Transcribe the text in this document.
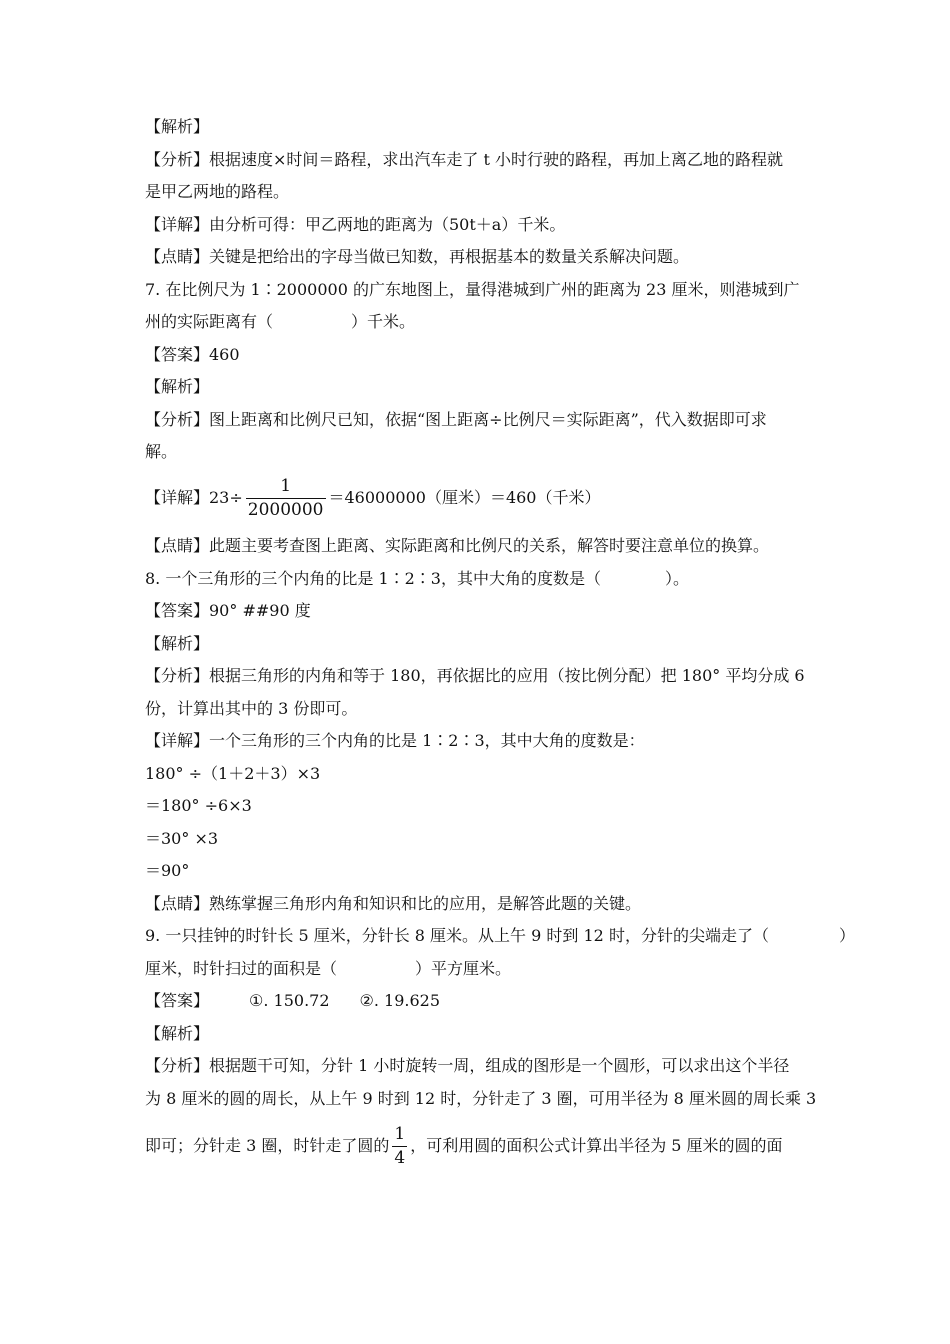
【解析】
【分析】根据速度×时间＝路程，求出汽车走了 t 小时行驶的路程，再加上离乙地的路程就
是甲乙两地的路程。
【详解】由分析可得：甲乙两地的距离为（50t＋a）千米。
【点睛】关键是把给出的字母当做已知数，再根据基本的数量关系解决问题。
7. 在比例尺为 1∶2000000 的广东地图上，量得港城到广州的距离为 23 厘米，则港城到广
州的实际距离有（	）千米。
【答案】460
【解析】
【分析】图上距离和比例尺已知，依据“图上距离÷比例尺＝实际距离”，代入数据即可求
解。
【详解】$23\div \frac{1}{2000000} =46000000$（厘米）＝460（千米）
【点睛】此题主要考查图上距离、实际距离和比例尺的关系，解答时要注意单位的换算。
8. 一个三角形的三个内角的比是 1∶2∶3，其中大角的度数是（	）。
【答案】90° ##90 度
【解析】
【分析】根据三角形的内角和等于 180，再依据比的应用（按比例分配）把 180° 平均分成 6
份，计算出其中的 3 份即可。
【详解】一个三角形的三个内角的比是 1∶2∶3，其中大角的度数是：
180° ÷（1＋2＋3）×3
＝180° ÷6×3
＝30° ×3
＝90°
【点睛】熟练掌握三角形内角和知识和比的应用，是解答此题的关键。
9. 一只挂钟的时针长 5 厘米，分针长 8 厘米。从上午 9 时到 12 时，分针的尖端走了（	）
厘米，时针扫过的面积是（	）平方厘米。
【答案】	①. 150.72 ②. 19.625
【解析】
【分析】根据题干可知，分针 1 小时旋转一周，组成的图形是一个圆形，可以求出这个半径
为 8 厘米的圆的周长，从上午 9 时到 12 时，分针走了 3 圈，可用半径为 8 厘米圆的周长乘 3
即可；分针走 3 圈，时针走了圆的 $\frac{1}{4}$ ，可利用圆的面积公式计算出半径为 5 厘米的圆的面
